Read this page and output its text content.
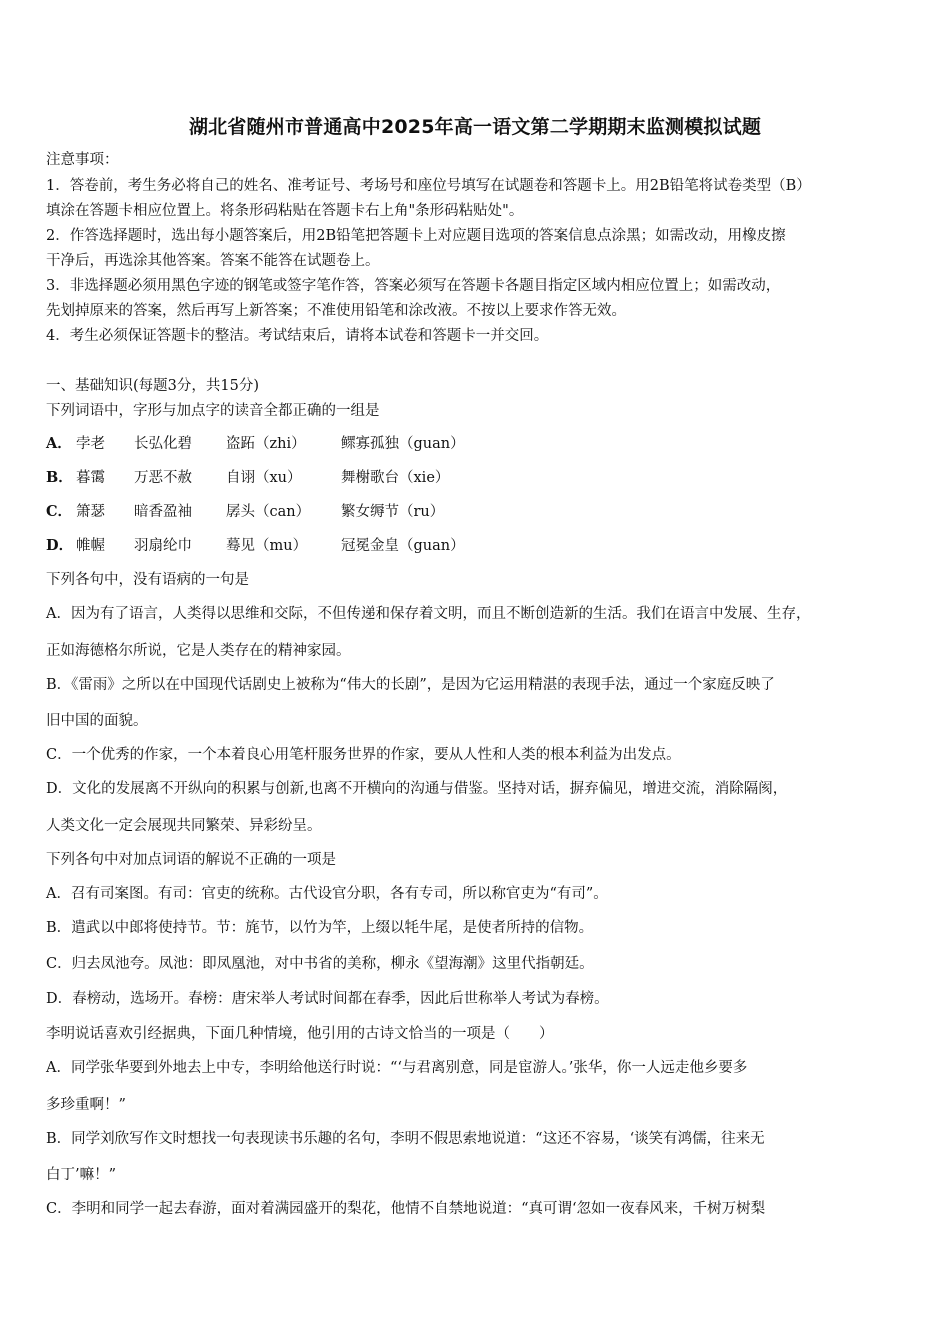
湖北省随州市普通高中2025年高一语文第二学期期末监测模拟试题
注意事项：
1．答卷前，考生务必将自己的姓名、准考证号、考场号和座位号填写在试题卷和答题卡上。用2B铅笔将试卷类型（B）
填涂在答题卡相应位置上。将条形码粘贴在答题卡右上角"条形码粘贴处"。
2．作答选择题时，选出每小题答案后，用2B铅笔把答题卡上对应题目选项的答案信息点涂黑；如需改动，用橡皮擦
干净后，再选涂其他答案。答案不能答在试题卷上。
3．非选择题必须用黑色字迹的钢笔或签字笔作答，答案必须写在答题卡各题目指定区域内相应位置上；如需改动，
先划掉原来的答案，然后再写上新答案；不准使用铅笔和涂改液。不按以上要求作答无效。
4．考生必须保证答题卡的整洁。考试结束后，请将本试卷和答题卡一并交回。
一、基础知识(每题3分，共15分)
下列词语中，字形与加点字的读音全都正确的一组是
A． 孛老 长弘化碧 盗跖（zhi） 鳏寡孤独（guan）
B． 暮霭 万恶不赦 自诩（xu）	舞榭歌台（xie）
C． 箫瑟 暗香盈袖 孱头（can） 繁女缛节（ru）
D． 帷幄 羽扇纶巾 蓦见（mu） 冠冕金皇（guan）
下列各句中，没有语病的一句是
A．因为有了语言，人类得以思维和交际，不但传递和保存着文明，而且不断创造新的生活。我们在语言中发展、生存，
正如海德格尔所说，它是人类存在的精神家园。
B．《雷雨》之所以在中国现代话剧史上被称为“伟大的长剧”，是因为它运用精湛的表现手法，通过一个家庭反映了
旧中国的面貌。
C．一个优秀的作家，一个本着良心用笔杆服务世界的作家，要从人性和人类的根本利益为出发点。
D．文化的发展离不开纵向的积累与创新,也离不开横向的沟通与借鉴。坚持对话，摒弃偏见，增进交流，消除隔阂，
人类文化一定会展现共同繁荣、异彩纷呈。
下列各句中对加点词语的解说不正确的一项是
A．召有司案图。有司：官吏的统称。古代设官分职，各有专司，所以称官吏为“有司”。
B．遣武以中郎将使持节。节：旄节，以竹为竿，上缀以牦牛尾，是使者所持的信物。
C．归去凤池夸。凤池：即凤凰池，对中书省的美称，柳永《望海潮》这里代指朝廷。
D．春榜动，选场开。春榜：唐宋举人考试时间都在春季，因此后世称举人考试为春榜。
李明说话喜欢引经据典，下面几种情境，他引用的古诗文恰当的一项是（　　）
A．同学张华要到外地去上中专，李明给他送行时说：“‘与君离别意，同是宦游人。’张华，你一人远走他乡要多
多珍重啊！”
B．同学刘欣写作文时想找一句表现读书乐趣的名句，李明不假思索地说道：“这还不容易，‘谈笑有鸿儒，往来无
白丁’嘛！”
C．李明和同学一起去春游，面对着满园盛开的梨花，他情不自禁地说道：“真可谓‘忽如一夜春风来，千树万树梨
